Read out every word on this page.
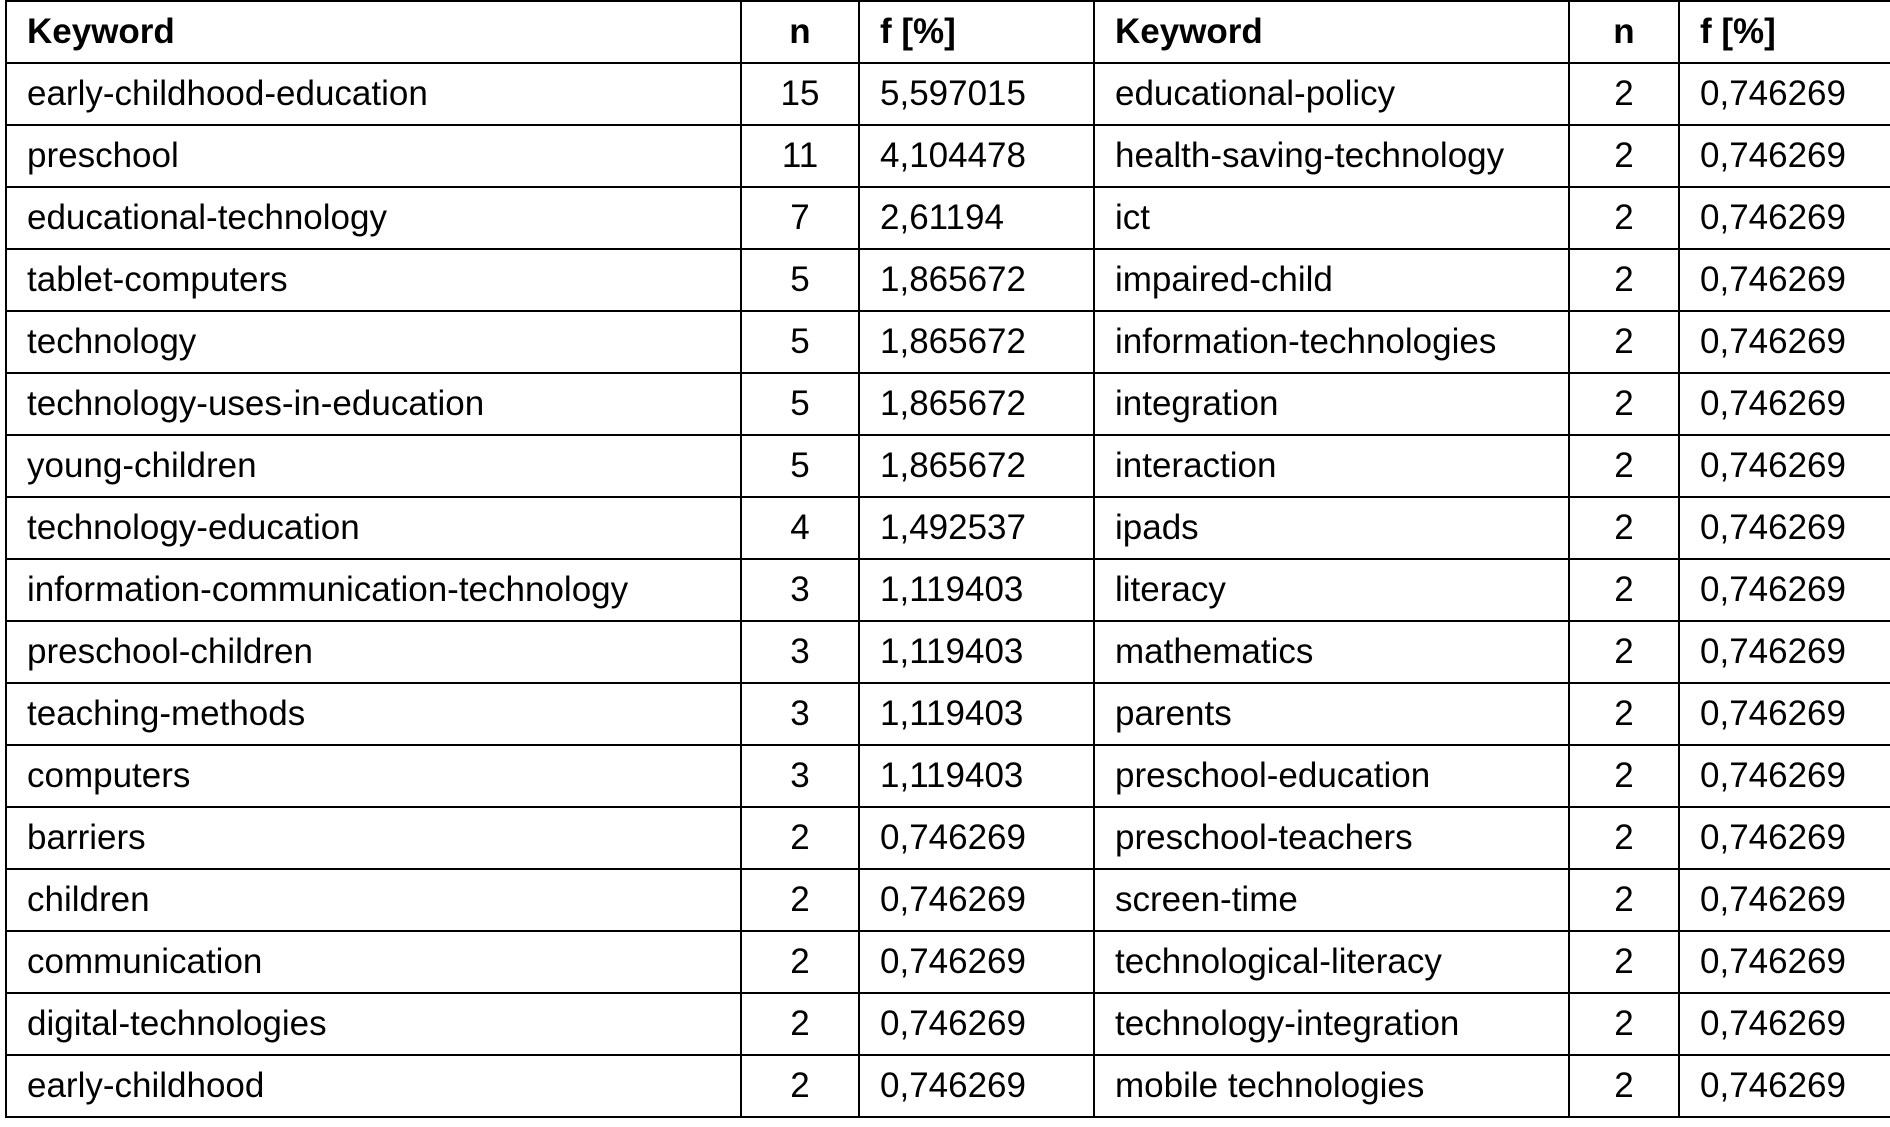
Keyword	n	f [%]	Keyword	n	f [%]
early-childhood-education	15	5,597015	educational-policy	2	0,746269
preschool	11	4,104478	health-saving-technology	2	0,746269
educational-technology	7	2,61194	ict	2	0,746269
tablet-computers	5	1,865672	impaired-child	2	0,746269
technology	5	1,865672	information-technologies	2	0,746269
technology-uses-in-education	5	1,865672	integration	2	0,746269
young-children	5	1,865672	interaction	2	0,746269
technology-education	4	1,492537	ipads	2	0,746269
information-communication-technology	3	1,119403	literacy	2	0,746269
preschool-children	3	1,119403	mathematics	2	0,746269
teaching-methods	3	1,119403	parents	2	0,746269
computers	3	1,119403	preschool-education	2	0,746269
barriers	2	0,746269	preschool-teachers	2	0,746269
children	2	0,746269	screen-time	2	0,746269
communication	2	0,746269	technological-literacy	2	0,746269
digital-technologies	2	0,746269	technology-integration	2	0,746269
early-childhood	2	0,746269	mobile technologies	2	0,746269
